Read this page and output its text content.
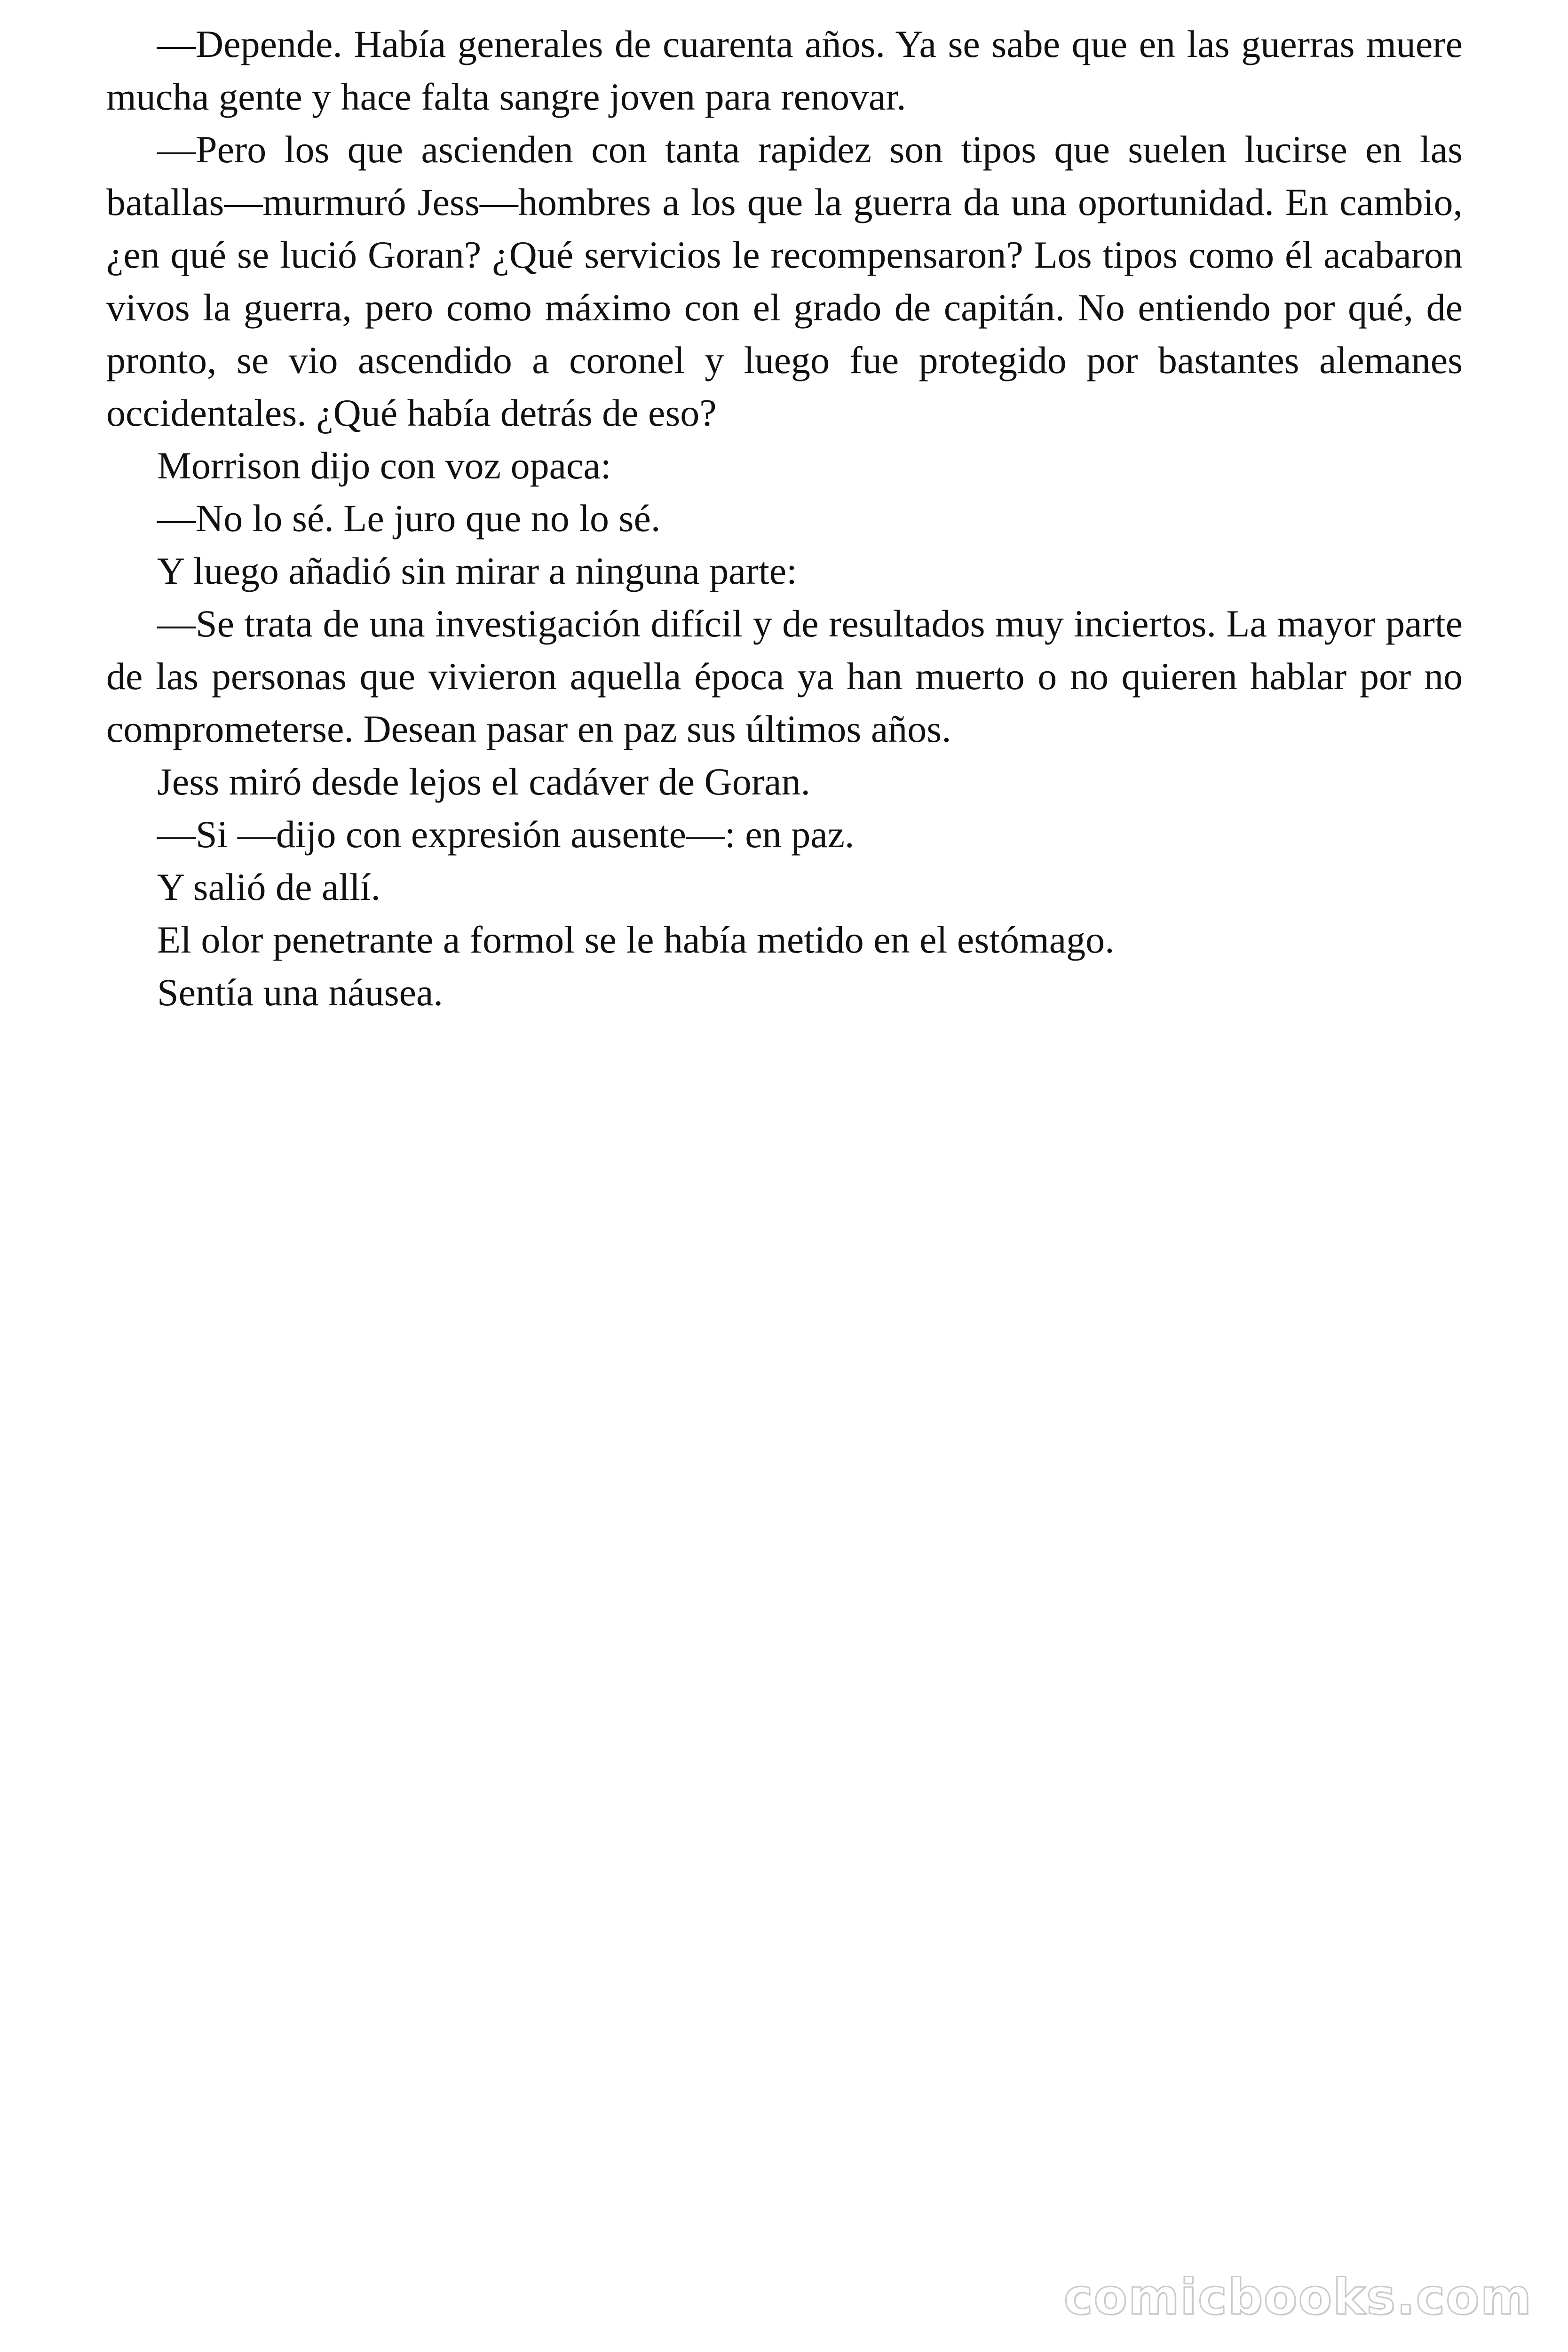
—Depende. Había generales de cuarenta años. Ya se sabe que en las guerras muere mucha gente y hace falta sangre joven para renovar.

—Pero los que ascienden con tanta rapidez son tipos que suelen lucirse en las batallas—murmuró Jess—hombres a los que la guerra da una oportunidad. En cambio, ¿en qué se lució Goran? ¿Qué servicios le recompensaron? Los tipos como él acabaron vivos la guerra, pero como máximo con el grado de capitán. No entiendo por qué, de pronto, se vio ascendido a coronel y luego fue protegido por bastantes alemanes occidentales. ¿Qué había detrás de eso?

Morrison dijo con voz opaca:

—No lo sé. Le juro que no lo sé.

Y luego añadió sin mirar a ninguna parte:

—Se trata de una investigación difícil y de resultados muy inciertos. La mayor parte de las personas que vivieron aquella época ya han muerto o no quieren hablar por no comprometerse. Desean pasar en paz sus últimos años.

Jess miró desde lejos el cadáver de Goran.

—Si —dijo con expresión ausente—: en paz.

Y salió de allí.

El olor penetrante a formol se le había metido en el estómago.

Sentía una náusea.

comicbooks.com
